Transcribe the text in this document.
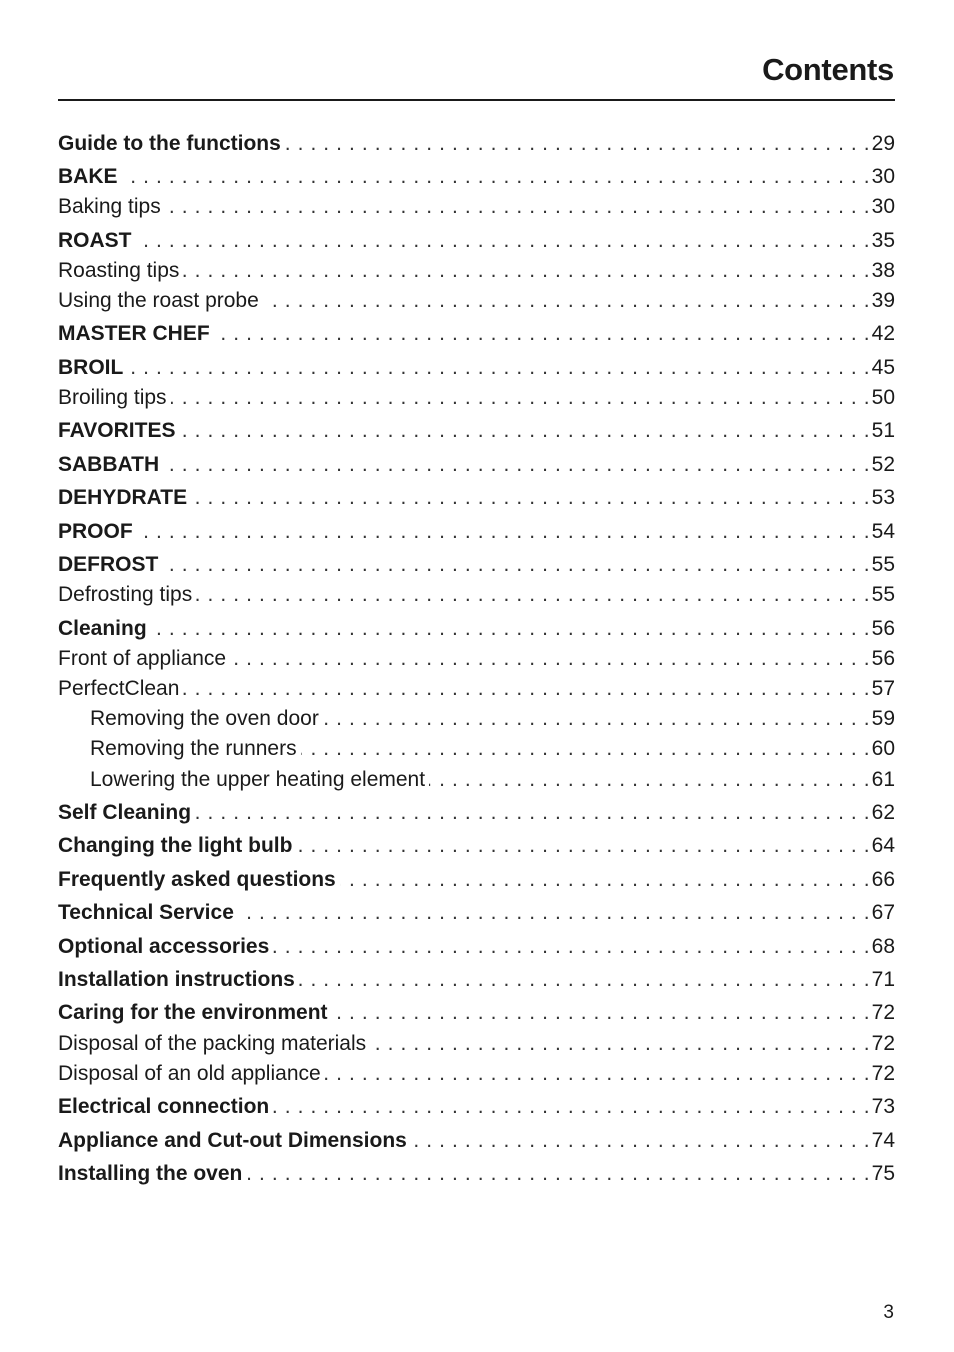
Contents
Guide to the functions . . .	29
BAKE . . .	30
Baking tips . . .	30
ROAST . . .	35
Roasting tips . . .	38
Using the roast probe . . .	39
MASTER CHEF . . .	42
BROIL . . .	45
Broiling tips . . .	50
FAVORITES . . .	51
SABBATH . . .	52
DEHYDRATE . . .	53
PROOF . . .	54
DEFROST . . .	55
Defrosting tips . . .	55
Cleaning . . .	56
Front of appliance . . .	56
PerfectClean . . .	57
Removing the oven door . . .	59
Removing the runners . . .	60
Lowering the upper heating element . . .	61
Self Cleaning . . .	62
Changing the light bulb . . .	64
Frequently asked questions . . .	66
Technical Service . . .	67
Optional accessories . . .	68
Installation instructions . . .	71
Caring for the environment . . .	72
Disposal of the packing materials . . .	72
Disposal of an old appliance . . .	72
Electrical connection . . .	73
Appliance and Cut-out Dimensions . . .	74
Installing the oven . . .	75
3
